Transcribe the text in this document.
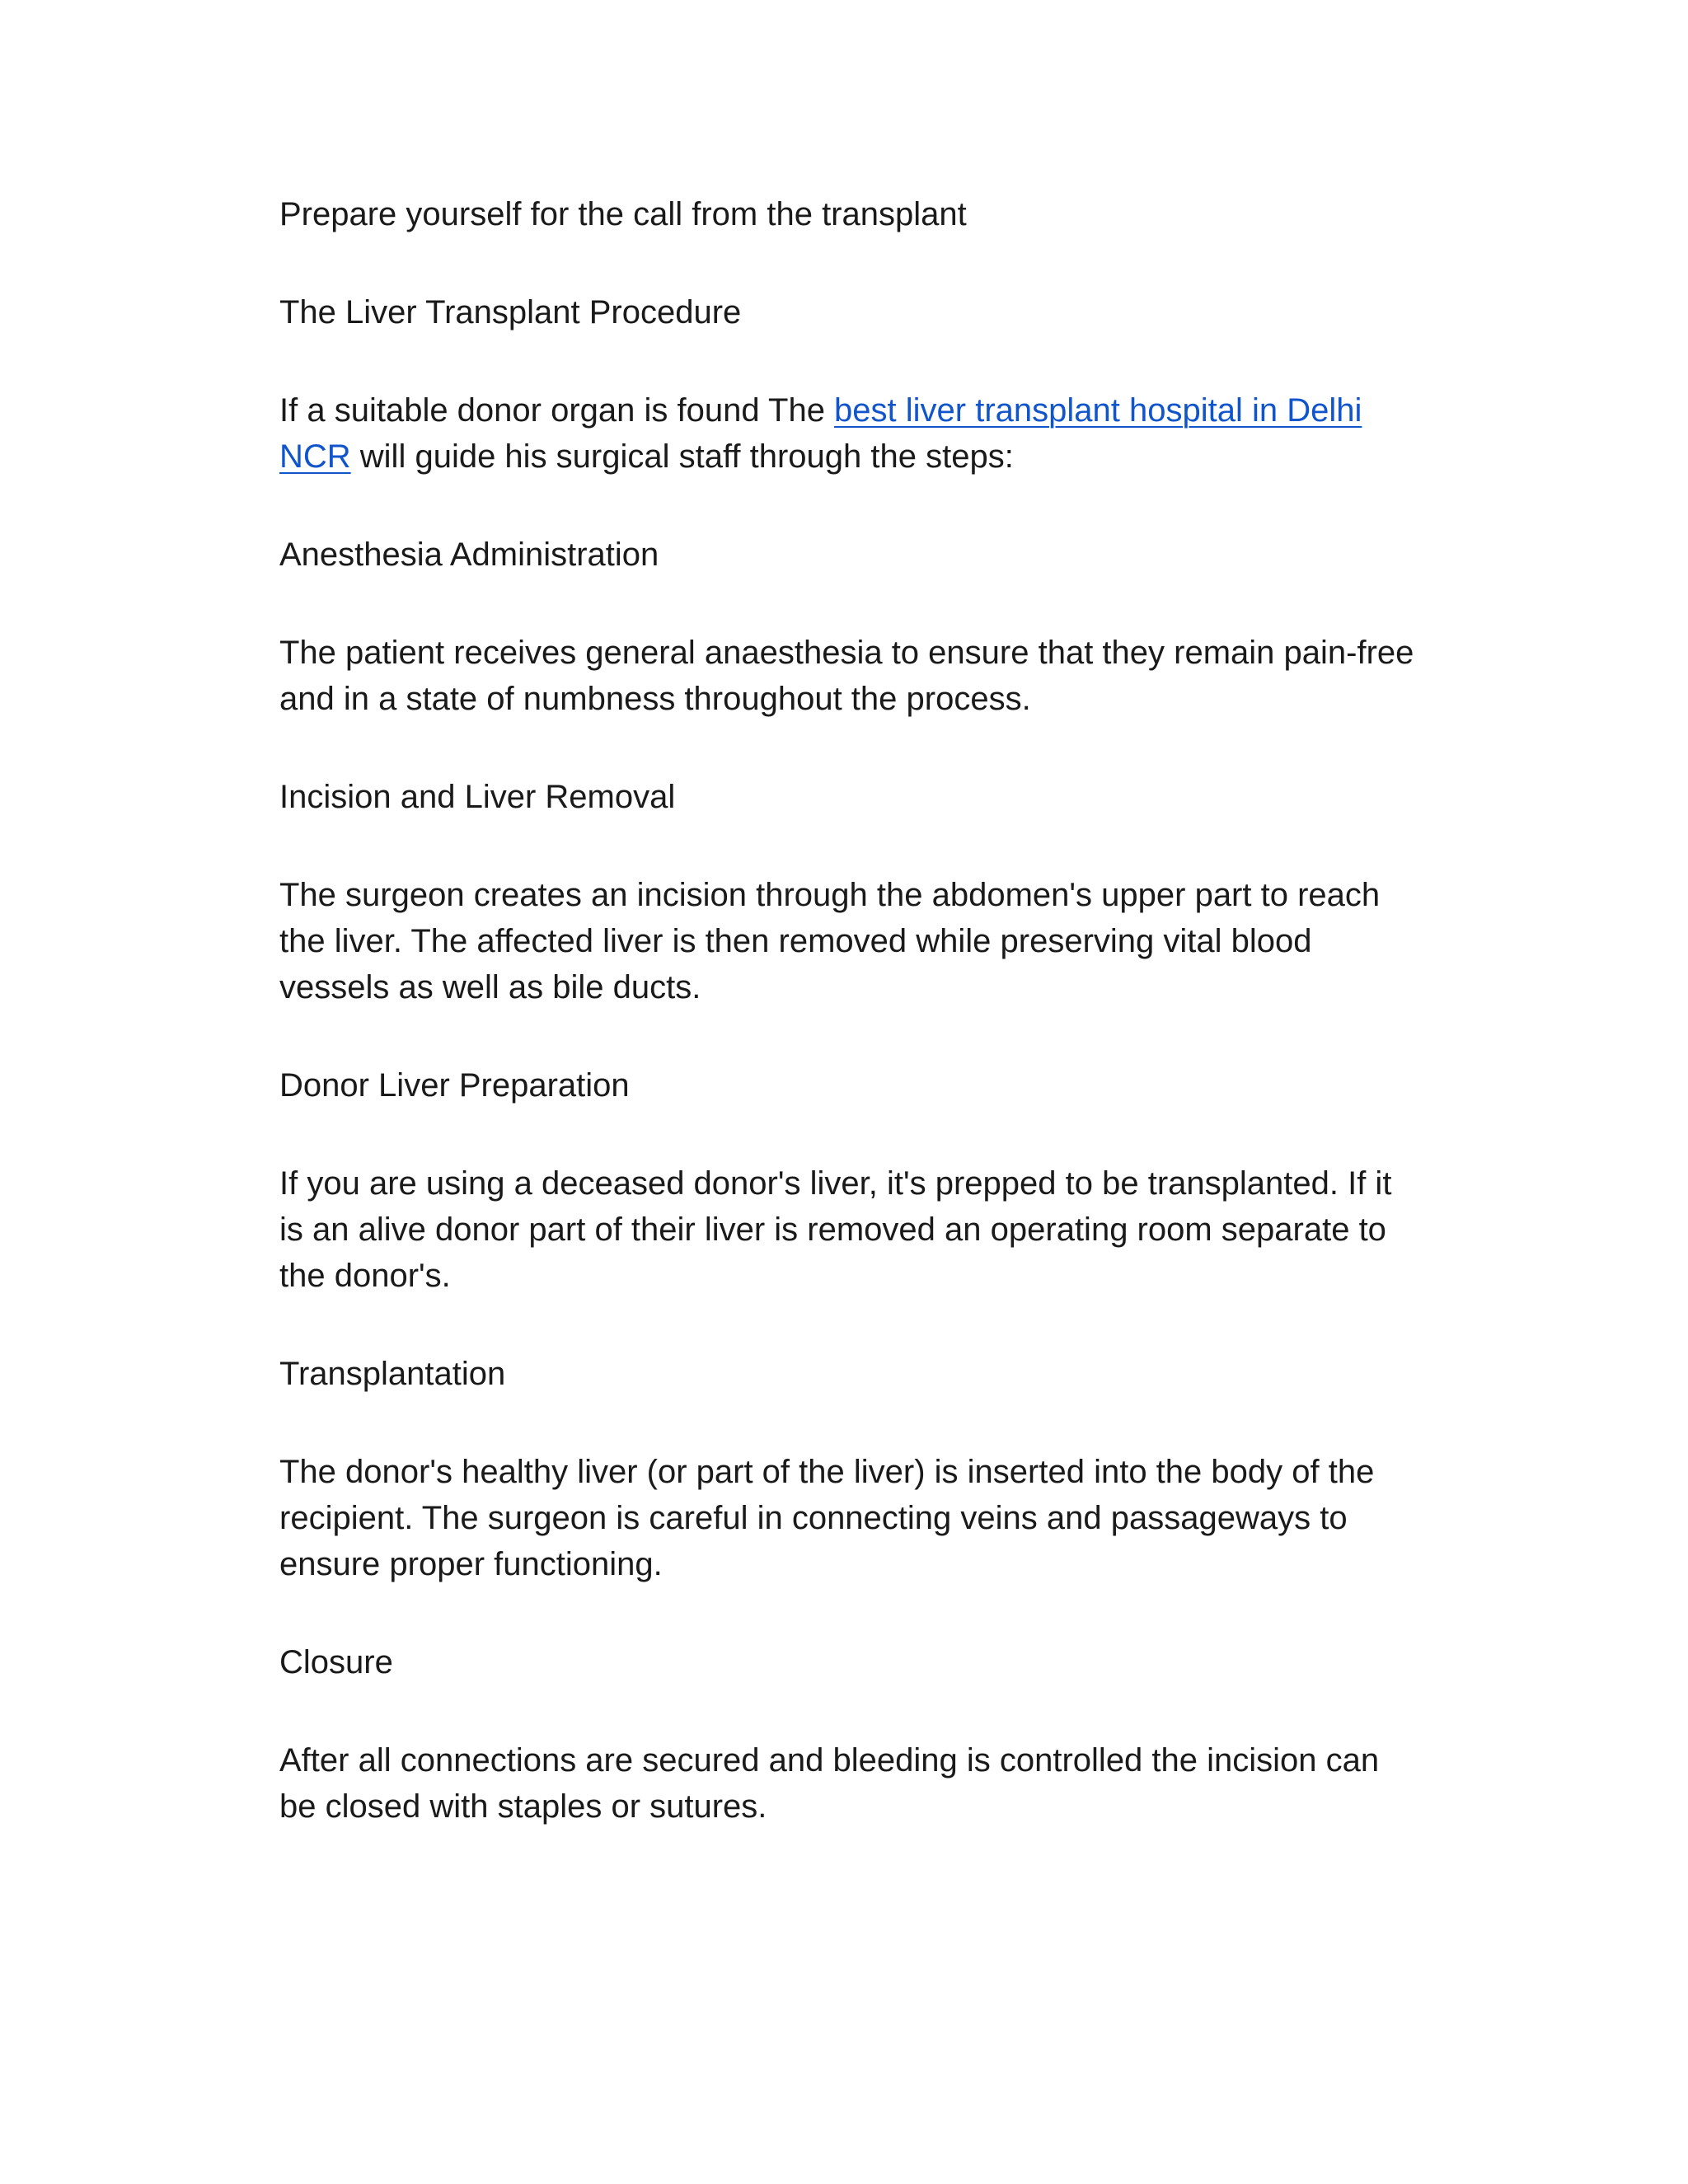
Prepare yourself for the call from the transplant

The Liver Transplant Procedure

If a suitable donor organ is found The best liver transplant hospital in Delhi NCR will guide his surgical staff through the steps:

Anesthesia Administration

The patient receives general anaesthesia to ensure that they remain pain-free and in a state of numbness throughout the process.

Incision and Liver Removal

The surgeon creates an incision through the abdomen's upper part to reach the liver. The affected liver is then removed while preserving vital blood vessels as well as bile ducts.

Donor Liver Preparation

If you are using a deceased donor's liver, it's prepped to be transplanted. If it is an alive donor part of their liver is removed an operating room separate to the donor's.

Transplantation

The donor's healthy liver (or part of the liver) is inserted into the body of the recipient. The surgeon is careful in connecting veins and passageways to ensure proper functioning.

Closure

After all connections are secured and bleeding is controlled the incision can be closed with staples or sutures.
